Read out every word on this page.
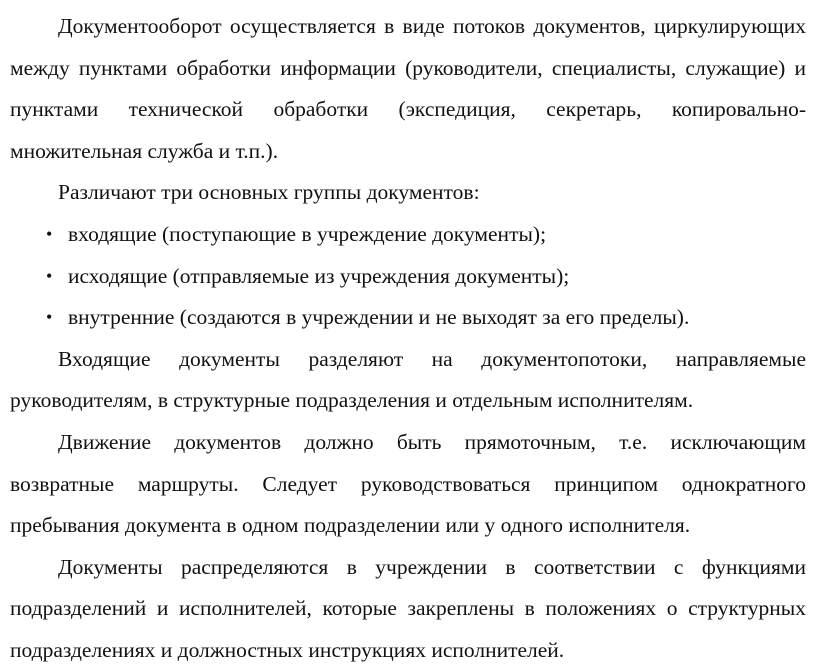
Документооборот осуществляется в виде потоков документов, циркулирующих между пунктами обработки информации (руководители, специалисты, служащие) и пунктами технической обработки (экспедиция, секретарь, копировально-множительная служба и т.п.).

Различают три основных группы документов:

• входящие (поступающие в учреждение документы);
• исходящие (отправляемые из учреждения документы);
• внутренние (создаются в учреждении и не выходят за его пределы).

Входящие документы разделяют на документопотоки, направляемые руководителям, в структурные подразделения и отдельным исполнителям.

Движение документов должно быть прямоточным, т.е. исключающим возвратные маршруты. Следует руководствоваться принципом однократного пребывания документа в одном подразделении или у одного исполнителя.

Документы распределяются в учреждении в соответствии с функциями подразделений и исполнителей, которые закреплены в положениях о структурных подразделениях и должностных инструкциях исполнителей.
